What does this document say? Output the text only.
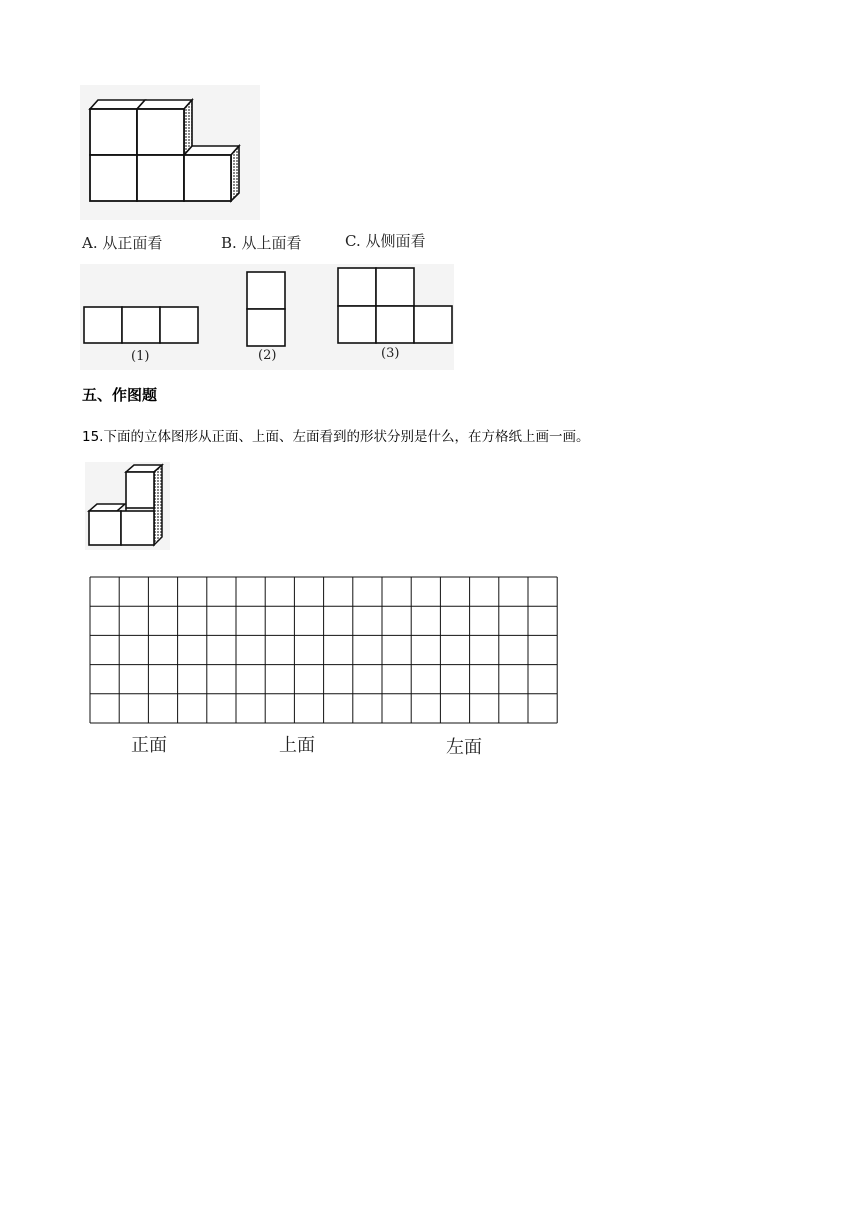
A. 从正面看	B. 从上面看	C. 从侧面看
(1)	(2)	(3)
五、作图题
15.下面的立体图形从正面、上面、左面看到的形状分别是什么，在方格纸上画一画。
正面	上面	左面
